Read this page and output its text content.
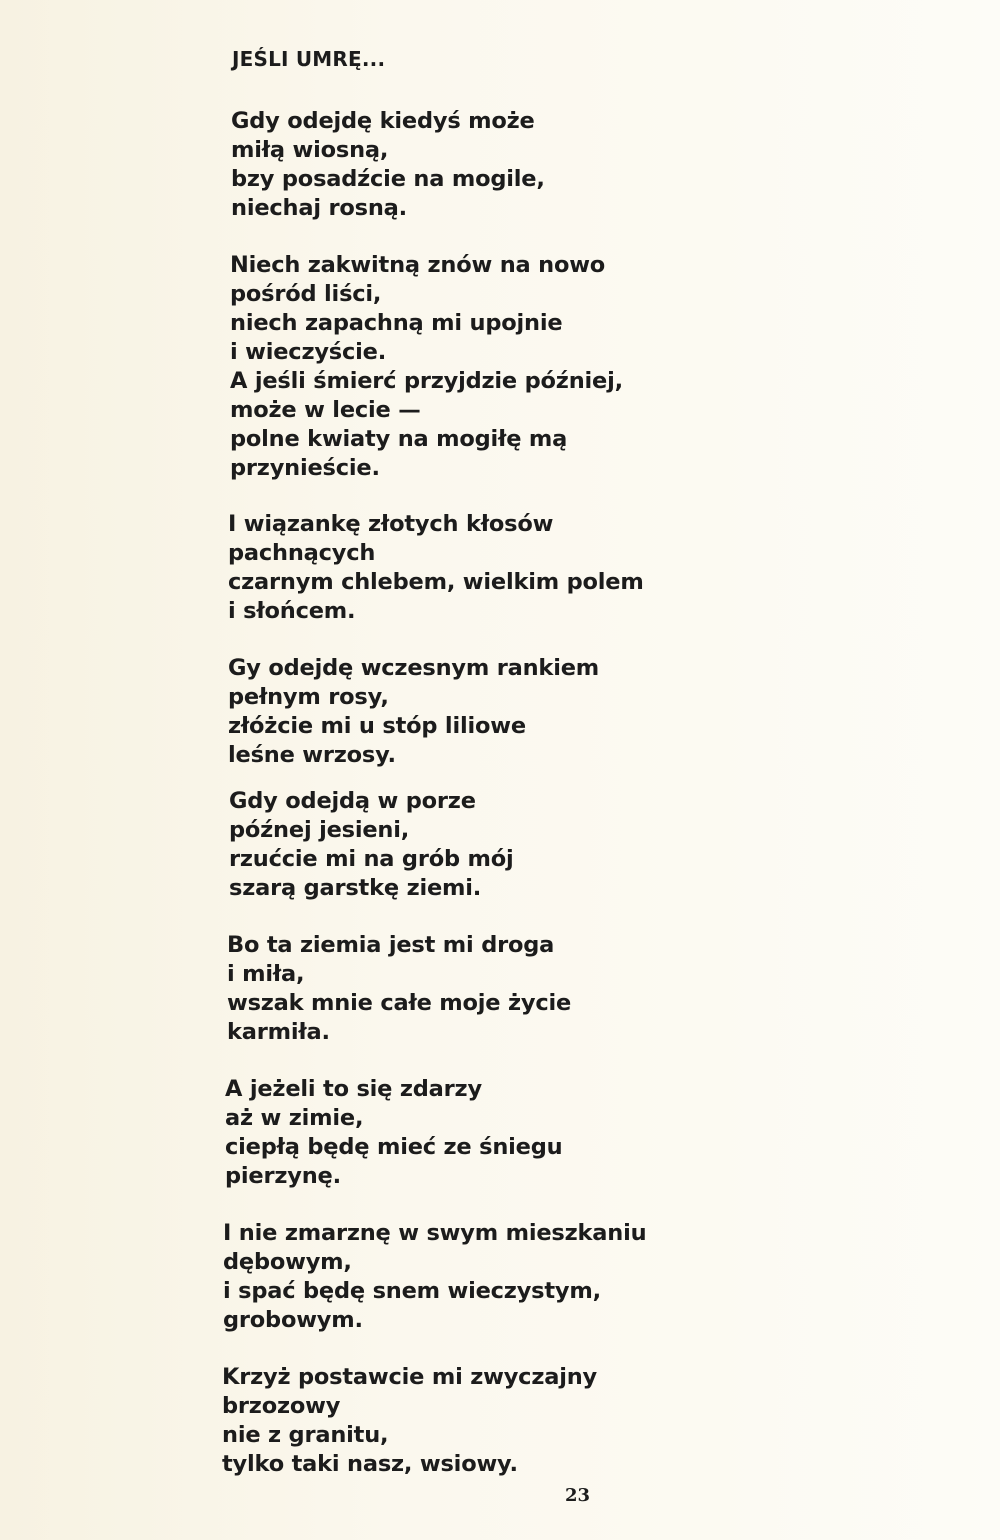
JEŚLI UMRĘ...
Gdy odejdę kiedyś może
miłą wiosną,
bzy posadźcie na mogile,
niechaj rosną.
Niech zakwitną znów na nowo
pośród liści,
niech zapachną mi upojnie
i wieczyście.
A jeśli śmierć przyjdzie później,
może w lecie —
polne kwiaty na mogiłę mą
przynieście.
I wiązankę złotych kłosów
pachnących
czarnym chlebem, wielkim polem
i słońcem.
Gy odejdę wczesnym rankiem
pełnym rosy,
złóżcie mi u stóp liliowe
leśne wrzosy.
Gdy odejdą w porze
późnej jesieni,
rzućcie mi na grób mój
szarą garstkę ziemi.
Bo ta ziemia jest mi droga
i miła,
wszak mnie całe moje życie
karmiła.
A jeżeli to się zdarzy
aż w zimie,
ciepłą będę mieć ze śniegu
pierzynę.
I nie zmarznę w swym mieszkaniu
dębowym,
i spać będę snem wieczystym,
grobowym.
Krzyż postawcie mi zwyczajny
brzozowy
nie z granitu,
tylko taki nasz, wsiowy.
23
